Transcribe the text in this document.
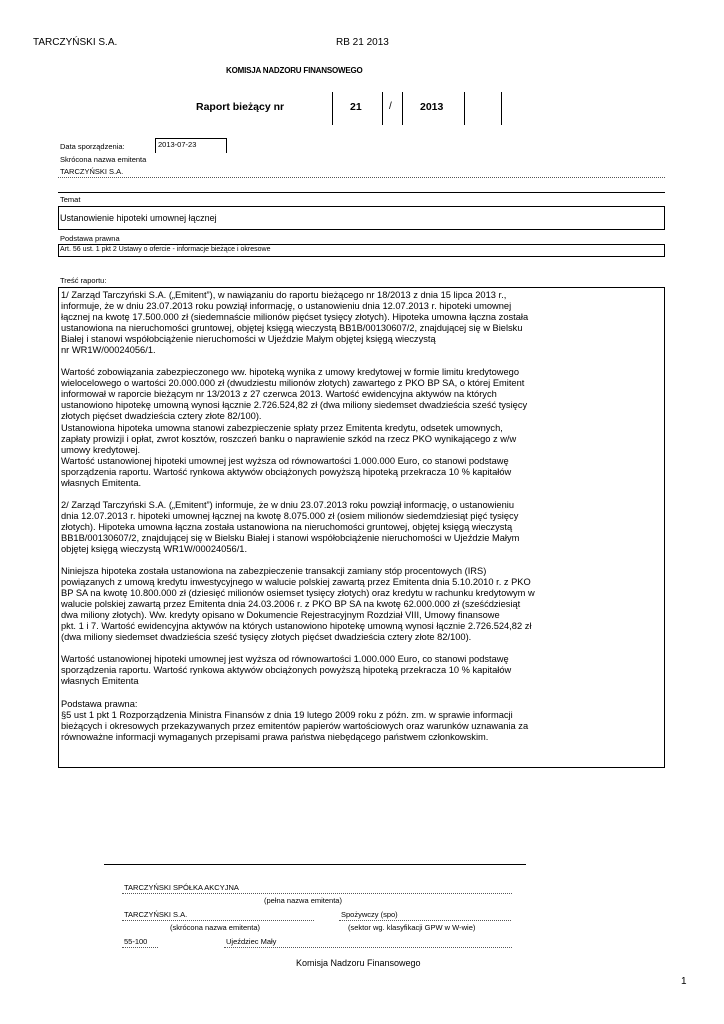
TARCZYŃSKI S.A.	RB 21 2013
KOMISJA NADZORU FINANSOWEGO
Raport bieżący nr	21	/	2013
Data sporządzenia:	2013-07-23
Skrócona nazwa emitenta
TARCZYŃSKI S.A.
Temat
Ustanowienie hipoteki umownej łącznej
Podstawa prawna
Art. 56 ust. 1 pkt 2 Ustawy o ofercie - informacje bieżące i okresowe
Treść raportu:

1/ Zarząd Tarczyński S.A. („Emitent”), w nawiązaniu do raportu bieżącego nr 18/2013 z dnia 15 lipca 2013 r.,
informuje, że w dniu 23.07.2013 roku powziął informację, o ustanowieniu dnia 12.07.2013 r. hipoteki umownej
łącznej na kwotę 17.500.000 zł (siedemnaście milionów pięćset tysięcy złotych). Hipoteka umowna łączna została
ustanowiona na nieruchomości gruntowej, objętej księgą wieczystą BB1B/00130607/2, znajdującej się w Bielsku
Białej i stanowi współobciążenie nieruchomości w Ujeździe Małym objętej księgą wieczystą
nr WR1W/00024056/1.

Wartość zobowiązania zabezpieczonego ww. hipoteką wynika z umowy kredytowej w formie limitu kredytowego
wielocelowego o wartości 20.000.000 zł (dwudziestu milionów złotych) zawartego z PKO BP SA, o której Emitent
informował w raporcie bieżącym nr 13/2013 z 27 czerwca 2013. Wartość ewidencyjna aktywów na których
ustanowiono hipotekę umowną wynosi łącznie 2.726.524,82 zł (dwa miliony siedemset dwadzieścia sześć tysięcy
złotych pięćset dwadzieścia cztery złote 82/100).
Ustanowiona hipoteka umowna stanowi zabezpieczenie spłaty przez Emitenta kredytu, odsetek umownych,
zapłaty prowizji i opłat, zwrot kosztów, roszczeń banku o naprawienie szkód na rzecz PKO wynikającego z w/w
umowy kredytowej.
Wartość ustanowionej hipoteki umownej jest wyższa od równowartości 1.000.000 Euro, co stanowi podstawę
sporządzenia raportu. Wartość rynkowa aktywów obciążonych powyższą hipoteką przekracza 10 % kapitałów
własnych Emitenta.

2/ Zarząd Tarczyński S.A. („Emitent”) informuje, że w dniu 23.07.2013 roku powziął informację, o ustanowieniu
dnia 12.07.2013 r. hipoteki umownej łącznej na kwotę 8.075.000 zł (osiem milionów siedemdziesiąt pięć tysięcy
złotych). Hipoteka umowna łączna została ustanowiona na nieruchomości gruntowej, objętej księgą wieczystą
BB1B/00130607/2, znajdującej się w Bielsku Białej i stanowi współobciążenie nieruchomości w Ujeździe Małym
objętej księgą wieczystą WR1W/00024056/1.

Niniejsza hipoteka została ustanowiona na zabezpieczenie transakcji zamiany stóp procentowych (IRS)
powiązanych z umową kredytu inwestycyjnego w walucie polskiej zawartą przez Emitenta dnia 5.10.2010 r. z PKO
BP SA na kwotę 10.800.000 zł (dziesięć milionów osiemset tysięcy złotych) oraz kredytu w rachunku kredytowym w
walucie polskiej zawartą przez Emitenta dnia 24.03.2006 r. z PKO BP SA na kwotę 62.000.000 zł (sześćdziesiąt
dwa miliony złotych). Ww. kredyty opisano w Dokumencie Rejestracyjnym Rozdział VIII, Umowy finansowe
pkt. 1 i 7. Wartość ewidencyjna aktywów na których ustanowiono hipotekę umowną wynosi łącznie 2.726.524,82 zł
(dwa miliony siedemset dwadzieścia sześć tysięcy złotych pięćset dwadzieścia cztery złote 82/100).

Wartość ustanowionej hipoteki umownej jest wyższa od równowartości 1.000.000 Euro, co stanowi podstawę
sporządzenia raportu. Wartość rynkowa aktywów obciążonych powyższą hipoteką przekracza 10 % kapitałów
własnych Emitenta

Podstawa prawna:
§5 ust 1 pkt 1 Rozporządzenia Ministra Finansów z dnia 19 lutego 2009 roku z późn. zm. w sprawie informacji
bieżących i okresowych przekazywanych przez emitentów papierów wartościowych oraz warunków uznawania za
równoważne informacji wymaganych przepisami prawa państwa niebędącego państwem członkowskim.

TARCZYŃSKI SPÓŁKA AKCYJNA
(pełna nazwa emitenta)
TARCZYŃSKI S.A.	Spożywczy (spo)
(skrócona nazwa emitenta)	(sektor wg. klasyfikacji GPW w W-wie)
55-100	Ujeździec Mały
Komisja Nadzoru Finansowego
1
